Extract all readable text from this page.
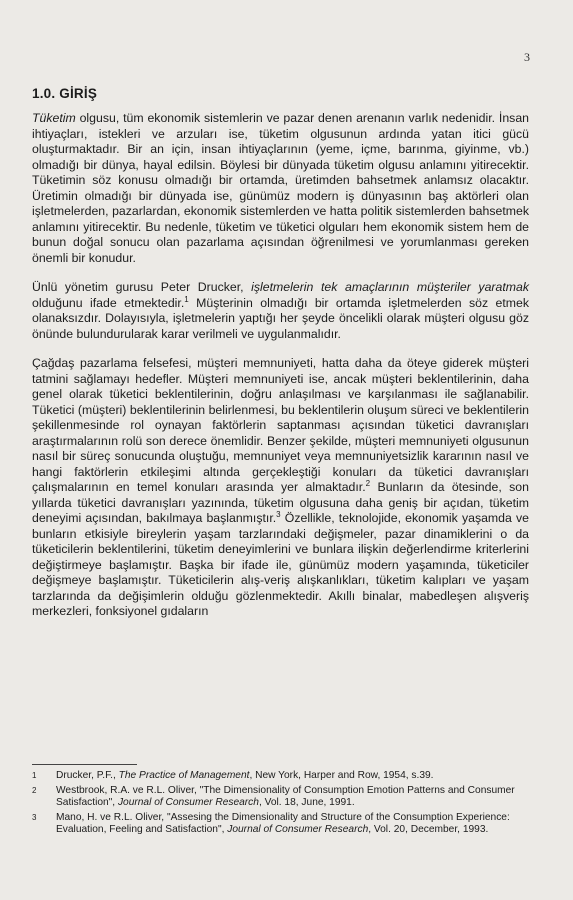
3
1.0. GİRİŞ

Tüketim olgusu, tüm ekonomik sistemlerin ve pazar denen arenanın varlık nedenidir. İnsan ihtiyaçları, istekleri ve arzuları ise, tüketim olgusunun ardında yatan itici gücü oluşturmaktadır. Bir an için, insan ihtiyaçlarının (yeme, içme, barınma, giyinme, vb.) olmadığı bir dünya, hayal edilsin. Böylesi bir dünyada tüketim olgusu anlamını yitirecektir. Tüketimin söz konusu olmadığı bir ortamda, üretimden bahsetmek anlamsız olacaktır. Üretimin olmadığı bir dünyada ise, günümüz modern iş dünyasının baş aktörleri olan işletmelerden, pazarlardan, ekonomik sistemlerden ve hatta politik sistemlerden bahsetmek anlamını yitirecektir. Bu nedenle, tüketim ve tüketici olguları hem ekonomik sistem hem de bunun doğal sonucu olan pazarlama açısından öğrenilmesi ve yorumlanması gereken önemli bir konudur.

Ünlü yönetim gurusu Peter Drucker, işletmelerin tek amaçlarının müşteriler yaratmak olduğunu ifade etmektedir.$^1$ Müşterinin olmadığı bir ortamda işletmelerden söz etmek olanaksızdır. Dolayısıyla, işletmelerin yaptığı her şeyde öncelikli olarak müşteri olgusu göz önünde bulundurularak karar verilmeli ve uygulanmalıdır.

Çağdaş pazarlama felsefesi, müşteri memnuniyeti, hatta daha da öteye giderek müşteri tatmini sağlamayı hedefler. Müşteri memnuniyeti ise, ancak müşteri beklentilerinin, daha genel olarak tüketici beklentilerinin, doğru anlaşılması ve karşılanması ile sağlanabilir. Tüketici (müşteri) beklentilerinin belirlenmesi, bu beklentilerin oluşum süreci ve beklentilerin şekillenmesinde rol oynayan faktörlerin saptanması açısından tüketici davranışları araştırmalarının rolü son derece önemlidir. Benzer şekilde, müşteri memnuniyeti olgusunun nasıl bir süreç sonucunda oluştuğu, memnuniyet veya memnuniyetsizlik kararının nasıl ve hangi faktörlerin etkileşimi altında gerçekleştiği konuları da tüketici davranışları çalışmalarının en temel konuları arasında yer almaktadır.$^2$ Bunların da ötesinde, son yıllarda tüketici davranışları yazınında, tüketim olgusuna daha geniş bir açıdan, tüketim deneyimi açısından, bakılmaya başlanmıştır.$^3$ Özellikle, teknolojide, ekonomik yaşamda ve bunların etkisiyle bireylerin yaşam tarzlarındaki değişmeler, pazar dinamiklerini o da tüketicilerin beklentilerini, tüketim deneyimlerini ve bunlara ilişkin değerlendirme kriterlerini değiştirmeye başlamıştır. Başka bir ifade ile, günümüz modern yaşamında, tüketiciler değişmeye başlamıştır. Tüketicilerin alış-veriş alışkanlıkları, tüketim kalıpları ve yaşam tarzlarında da değişimlerin olduğu gözlenmektedir. Akıllı binalar, mabedleşen alışveriş merkezleri, fonksiyonel gıdaların

1	Drucker, P.F., The Practice of Management, New York, Harper and Row, 1954, s.39.
2	Westbrook, R.A. ve R.L. Oliver, "The Dimensionality of Consumption Emotion Patterns and Consumer Satisfaction", Journal of Consumer Research, Vol. 18, June, 1991.
3	Mano, H. ve R.L. Oliver, "Assesing the Dimensionality and Structure of the Consumption Experience: Evaluation, Feeling and Satisfaction", Journal of Consumer Research, Vol. 20, December, 1993.
